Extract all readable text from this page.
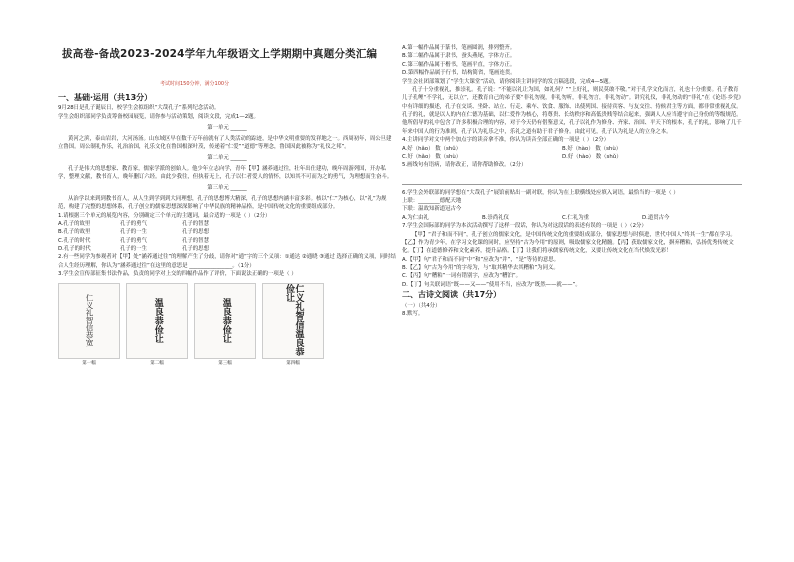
拔高卷-备战2023-2024学年九年级语文上学期期中真题分类汇编
考试时间150分钟，满分100分
一、基础·运用（共13分）

9月28日是孔子诞辰日，校学生会拟组织“大哉孔子”系列纪念活动。

学生会组织部同学负责筹备校园展览，请你参与活动策划，阅读文段，完成1—2题。

第一单元 ______

黄河之滨，泰山岩岩，大河汤汤。山东域区早在数千万年前就有了人类活动的踪迹，是中华文明重要的发祥地之一。西周初年，周公旦建立鲁国。周公制礼作乐，礼治治国，礼乐文化在鲁国根深叶茂，传递着“仁爱”“道德”等理念，鲁国因此被称为“礼仪之邦”。

第二单元 ______

孔子是伟大的思想家、教育家，儒家学派的创始人。他少年立志向学，青年【甲】涵养通过往，壮年出仕建功，晚年周游列国，开办私学，整理文献，教书育人，晚年删订六经。由此少我往，但执着无上，孔子以仁者爱人的情怀，以知其不可而为之的勇气，为理想而生奋斗。

第三单元 ______

从治学以来到到教书育人，从人生到学到到大同理想，孔子的思想博大精深，孔子的思想内涵丰富多彩。核以“仁”为核心，以“礼”为规范，构建了完整的思想体系，孔子创立的儒家思想深深影响了中华民族的精神品格，是中国传统文化的重要组成部分。

1.请根据三个单元的展览内容，分别确定三个单元的主题词，最合适的一项是（ ）（2分）

A.孔子的故里	孔子的勇气	孔子的智慧
B.孔子的故里	孔子的一生	孔子的思想
C.孔子的时代	孔子的勇气	孔子的智慧
D.孔子的时代	孔子的一生	孔子的思想

2.有一些同学为参观者对【甲】处“涵养通过往”的理解产生了分歧，请你对“通”字的三个义项：①通达 ②通晓 ③通过 选择正确的义项，同时结合人生经历理解，你认为“涵养通过往”在这里的意思是 ________________。（1分）

3.学生会宣传部征集书法作品，负责的同学对上交的四幅作品作了评价，下面说法正确的一项是（ ）

仁义礼智信恭宽	温良恭俭让	温良恭俭让	仁义礼智信温良恭俭让
第一幅	第二幅	第三幅	第四幅

A.第一幅作品属于篆书，笔画圆润，排列整齐。

B.第二幅作品属于隶书，蚕头燕尾，字体方正。

C.第三幅作品属于楷书，笔画平直，字体方正。

D.第四幅作品属于行书，结构简省，笔画连贯。

学生会社团部策划了“学生大课堂”活动，请你阅读主讲同学的发言稿选段，完成4—5题。

孔子十分重视礼，推崇礼。孔子说：“不能以礼让为国，如礼何？”“上好礼，则民莫敢不敬。”对于孔学文化而言，礼也十分重要。孔子教育儿子孔鲤“不学礼，无以立”，还教育自己的弟子要“非礼勿视，非礼勿听，非礼勿言，非礼勿动”。讲究礼仪，非礼勿动的“非礼”在《论语·乡党》中有详细的描述，孔子在交谈、坐卧、站立、行走、乘车、饮食、服饰、出使列国、接待宾客、与友交往、侍候君主等方面，都非常重视礼仪。孔子的礼，就是以人的内在仁德为基础，以仁爱作为核心，将尊贵、长幼秩序和高低贵贱等结合起来，强调人人应当遵守自己身份的等级规范。他所倡导的礼中包含了许多积极合理的内容，对于今天仍有借鉴意义，孔子以礼作为修身、齐家、治国、平天下的根本，孔子的礼，影响了几千年来中国人的行为准则，孔子认为礼乐之中，乐礼之道有助于君子修身。由此可见，孔子认为礼是人的立身之本。

4.主讲同学对文中两个加点字的读音拿不准，你认为读音全部正确的一项是（ ）（2分）

A.好（hǎo） 数（shǔ）	B.好（hào） 数（shù）
C.好（hǎo） 数（shù）	D.好（hào） 数（shǔ）

5.画线句有语病，请你改正，请你帮助修改。（2分）

6.学生会外联部的同学想在“大哉孔子”展馆前贴出一副对联，你认为在上联横线处应填入词语，最恰当的一项是（ ）

上联：________德配天地

下联：温故知新道冠古今

A.为仁由礼	B.崇尚礼仪	C.仁礼为重	D.道贯古今

7.学生会国际部的同学为本次活动撰写了这样一段话，你认为对这段话的表述有误的一项是（ ）（2分）

【甲】“君子和而不同”，孔子创立的儒家文化，是中国传统文化的重要组成部分，儒家思想与时俱进，世代中国人“终其一生”都在学习。【乙】作为青少年，在学习文化课的同时，应坚持“古为今用”的原则，吸取儒家文化精髓。【丙】获取儒家文化，摒弃糟粕，弘扬优秀传统文化。【丁】在道德修养和文化素养，提升品格。【丁】让我们将承儒家传统文化，又要让传统文化在当代焕发光彩！

A.【甲】句“君子和而不同”中“和”应改为“并”，“是”等待的意思。

B.【乙】句“古为今用”的字母为，与“取其精华去其糟粕”为同义。

C.【丙】句“糟粕”一词有错别字，应改为“糟泊”。

D.【丁】句关联词语“既——又——”使用不当，应改为“既然——就——”。

二、古诗文阅读（共17分）

（一）（共4分）

8.默写。
